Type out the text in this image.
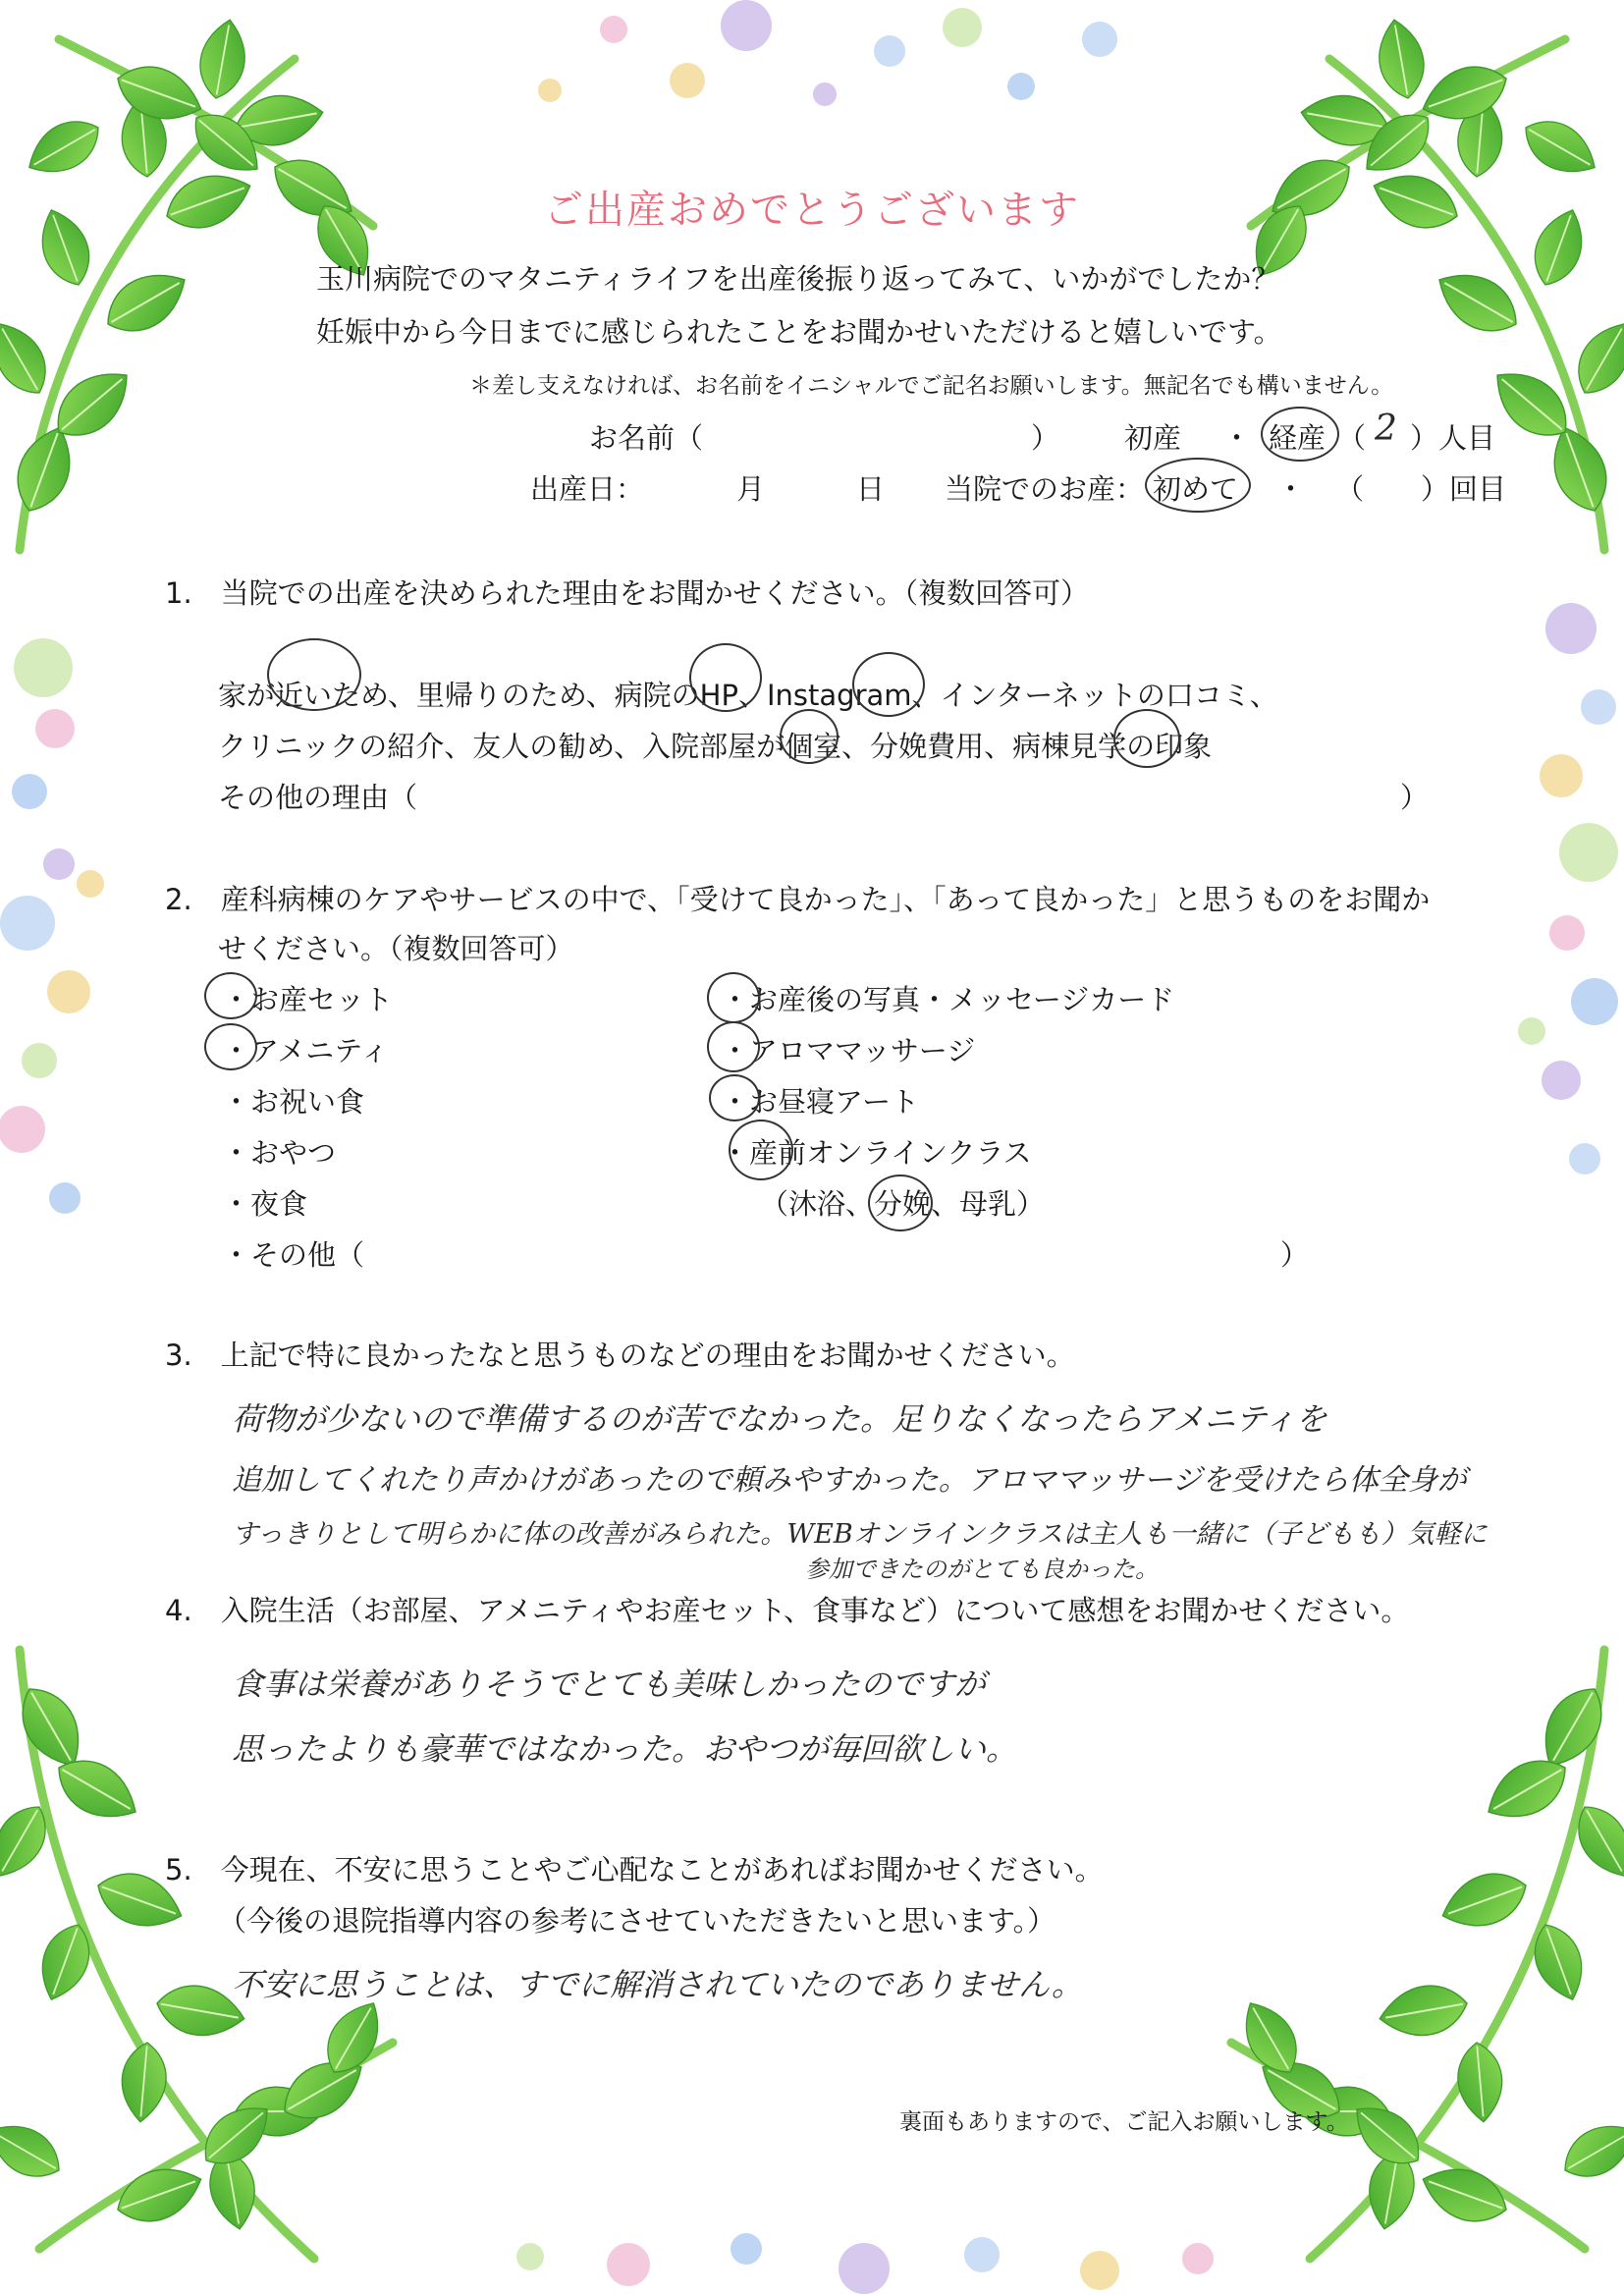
ご出産おめでとうございます
玉川病院でのマタニティライフを出産後振り返ってみて、いかがでしたか？
妊娠中から今日までに感じられたことをお聞かせいただけると嬉しいです。
＊差し支えなければ、お名前をイニシャルでご記名お願いします。無記名でも構いません。
お名前（	） 初産 ・ 経産 （ 2 ）人目
出産日：	月	日 当院でのお産： 初めて ・ （　　）回目
1.　当院での出産を決められた理由をお聞かせください。（複数回答可）
家が近いため、里帰りのため、病院のHP、Instagram、インターネットの口コミ、
クリニックの紹介、友人の勧め、入院部屋が個室、分娩費用、病棟見学の印象
その他の理由（	）
2.　産科病棟のケアやサービスの中で、「受けて良かった」、「あって良かった」と思うものをお聞か
せください。（複数回答可）
・お産セット
・アメニティ
・お祝い食
・おやつ
・夜食
・その他（	）
・お産後の写真・メッセージカード
・アロママッサージ
・お昼寝アート
・産前オンラインクラス
（沐浴、分娩、母乳）
3.　上記で特に良かったなと思うものなどの理由をお聞かせください。
荷物が少ないので準備するのが苦でなかった。足りなくなったらアメニティを
追加してくれたり声かけがあったので頼みやすかった。アロママッサージを受けたら体全身が
すっきりとして明らかに体の改善がみられた。WEBオンラインクラスは主人も一緒に（子どもも）気軽に
参加できたのがとても良かった。
4.　入院生活（お部屋、アメニティやお産セット、食事など）について感想をお聞かせください。
食事は栄養がありそうでとても美味しかったのですが
思ったよりも豪華ではなかった。おやつが毎回欲しい。
5.　今現在、不安に思うことやご心配なことがあればお聞かせください。
（今後の退院指導内容の参考にさせていただきたいと思います。）
不安に思うことは、すでに解消されていたのでありません。
裏面もありますので、ご記入お願いします。
